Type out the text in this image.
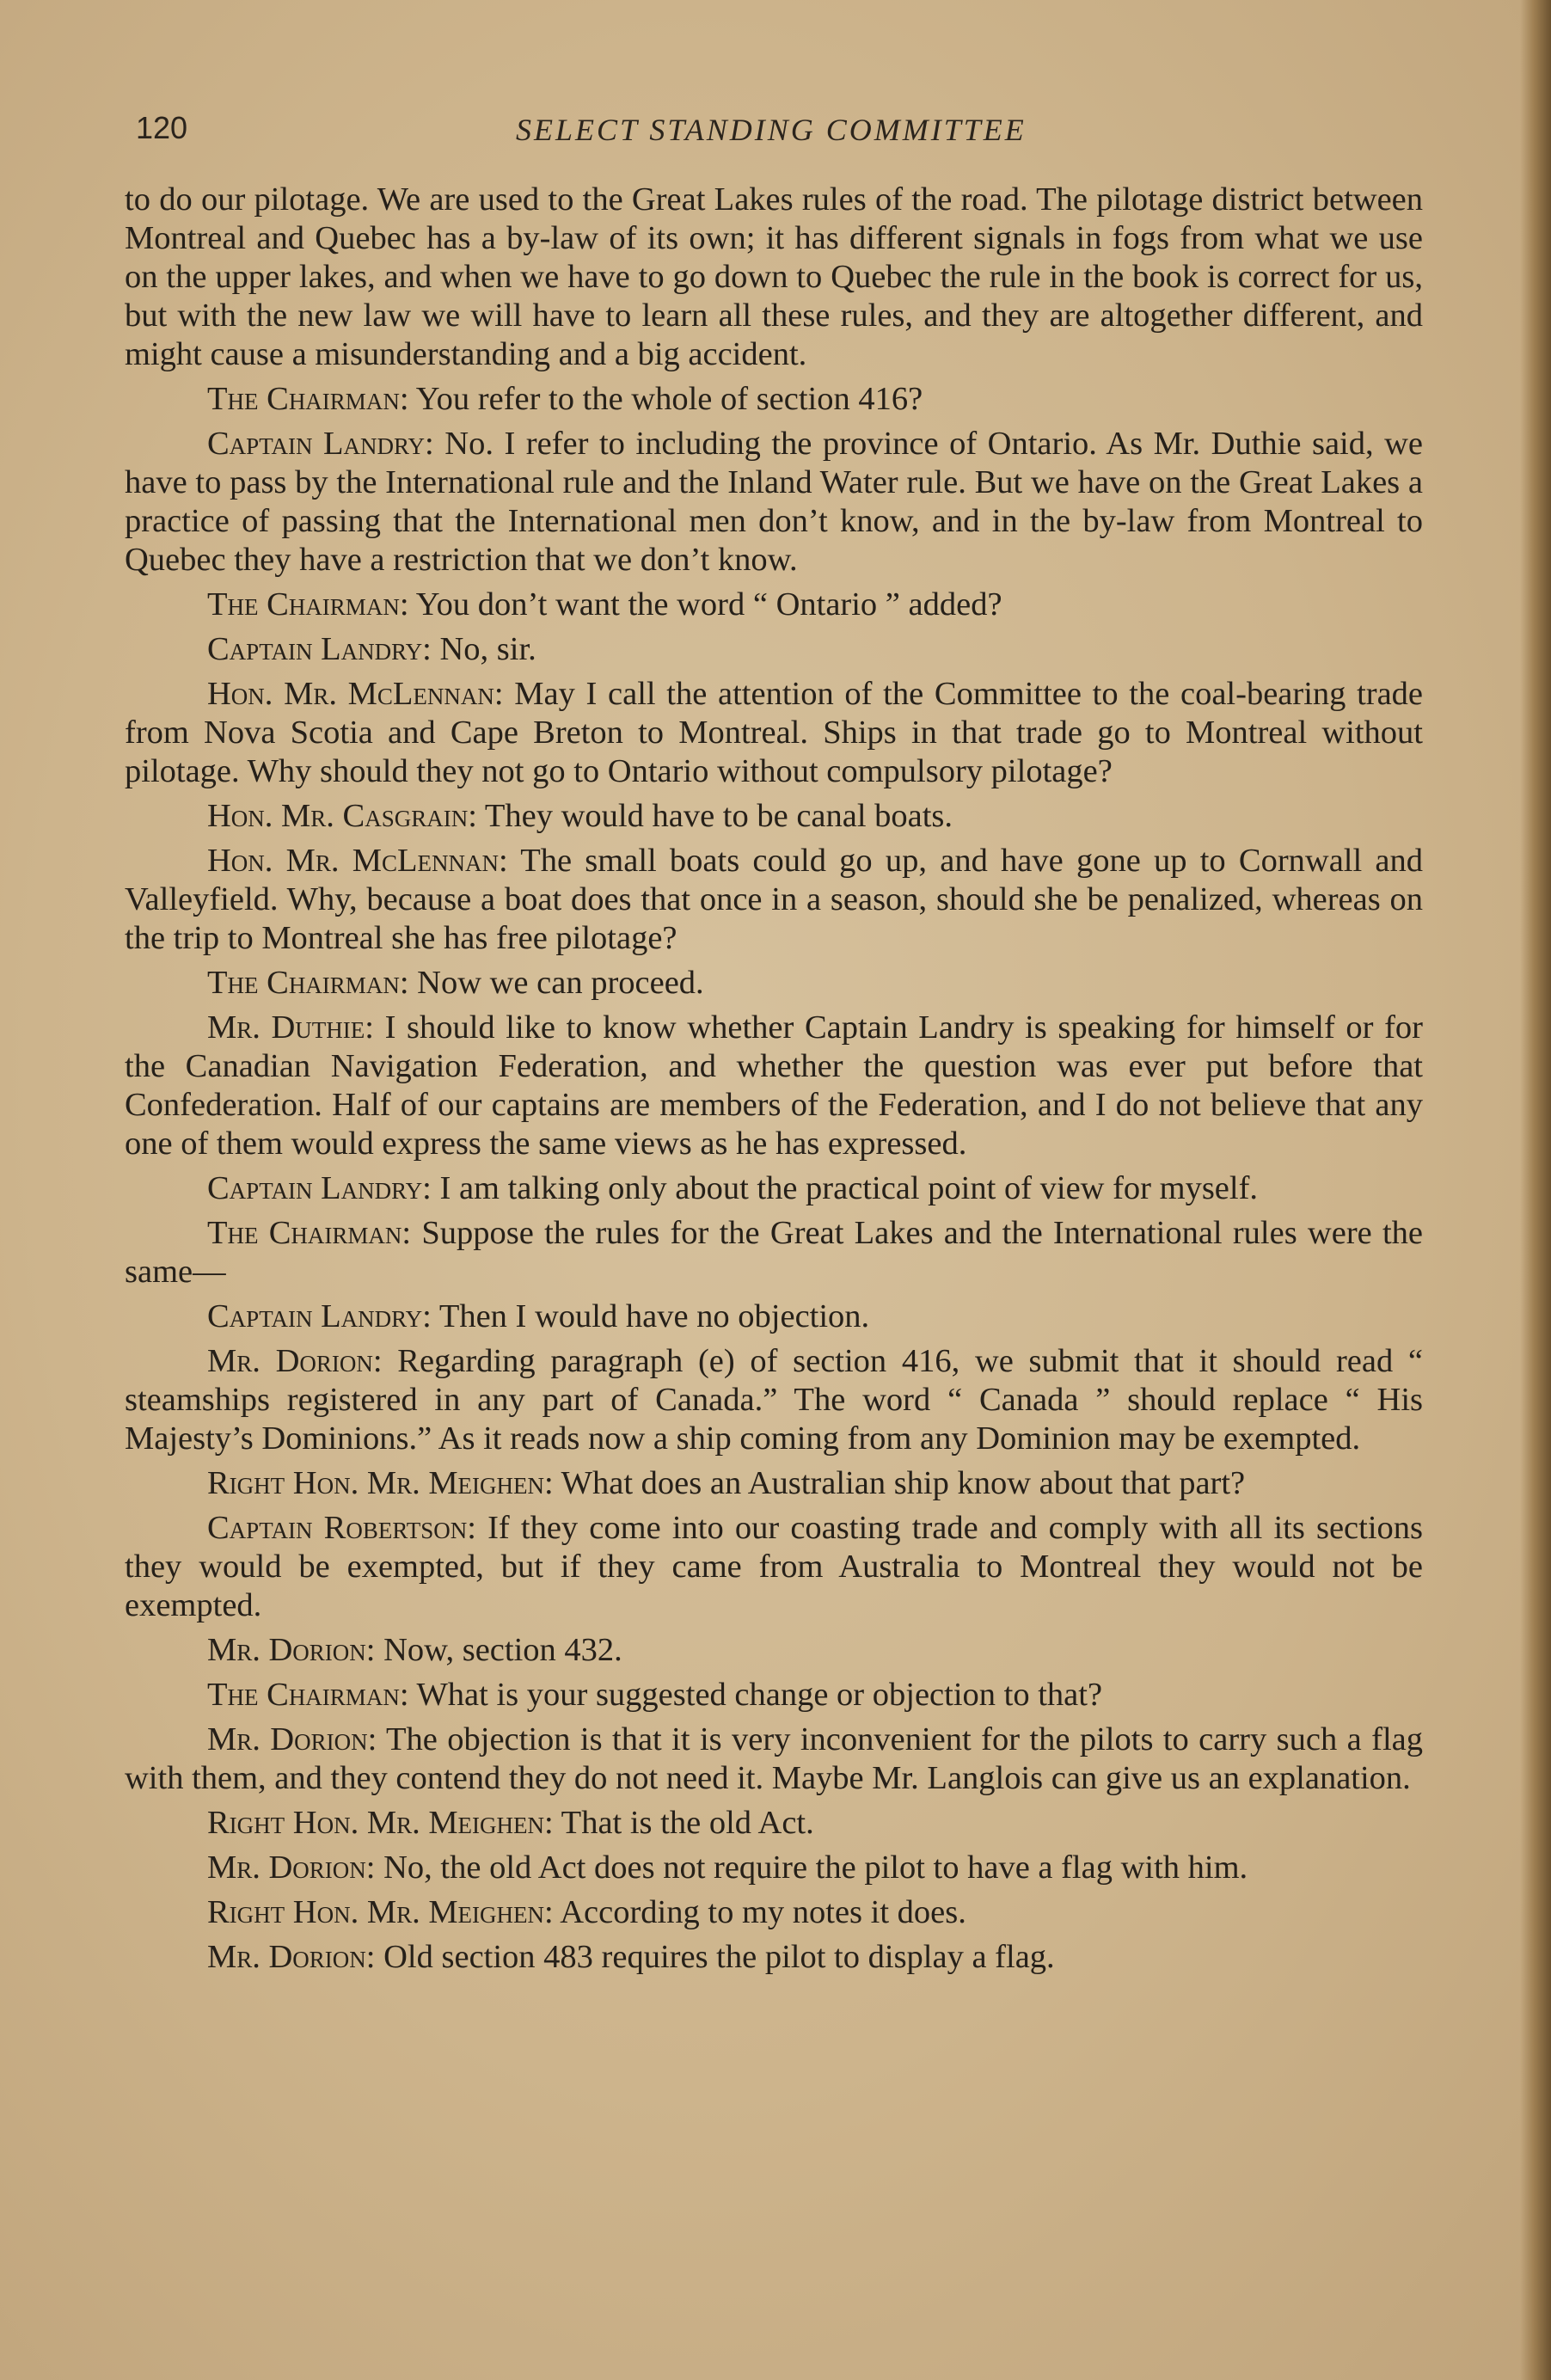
120	SELECT STANDING COMMITTEE

to do our pilotage. We are used to the Great Lakes rules of the road. The pilotage district between Montreal and Quebec has a by-law of its own; it has different signals in fogs from what we use on the upper lakes, and when we have to go down to Quebec the rule in the book is correct for us, but with the new law we will have to learn all these rules, and they are altogether different, and might cause a misunderstanding and a big accident.

The Chairman: You refer to the whole of section 416?

Captain Landry: No. I refer to including the province of Ontario. As Mr. Duthie said, we have to pass by the International rule and the Inland Water rule. But we have on the Great Lakes a practice of passing that the International men don’t know, and in the by-law from Montreal to Quebec they have a restriction that we don’t know.

The Chairman: You don’t want the word “ Ontario ” added?

Captain Landry: No, sir.

Hon. Mr. McLennan: May I call the attention of the Committee to the coal-bearing trade from Nova Scotia and Cape Breton to Montreal. Ships in that trade go to Montreal without pilotage. Why should they not go to Ontario without compulsory pilotage?

Hon. Mr. Casgrain: They would have to be canal boats.

Hon. Mr. McLennan: The small boats could go up, and have gone up to Cornwall and Valleyfield. Why, because a boat does that once in a season, should she be penalized, whereas on the trip to Montreal she has free pilotage?

The Chairman: Now we can proceed.

Mr. Duthie: I should like to know whether Captain Landry is speaking for himself or for the Canadian Navigation Federation, and whether the question was ever put before that Confederation. Half of our captains are members of the Federation, and I do not believe that any one of them would express the same views as he has expressed.

Captain Landry: I am talking only about the practical point of view for myself.

The Chairman: Suppose the rules for the Great Lakes and the International rules were the same—

Captain Landry: Then I would have no objection.

Mr. Dorion: Regarding paragraph (e) of section 416, we submit that it should read “ steamships registered in any part of Canada.” The word “ Canada ” should replace “ His Majesty’s Dominions.” As it reads now a ship coming from any Dominion may be exempted.

Right Hon. Mr. Meighen: What does an Australian ship know about that part?

Captain Robertson: If they come into our coasting trade and comply with all its sections they would be exempted, but if they came from Australia to Montreal they would not be exempted.

Mr. Dorion: Now, section 432.

The Chairman: What is your suggested change or objection to that?

Mr. Dorion: The objection is that it is very inconvenient for the pilots to carry such a flag with them, and they contend they do not need it. Maybe Mr. Langlois can give us an explanation.

Right Hon. Mr. Meighen: That is the old Act.

Mr. Dorion: No, the old Act does not require the pilot to have a flag with him.

Right Hon. Mr. Meighen: According to my notes it does.

Mr. Dorion: Old section 483 requires the pilot to display a flag.
